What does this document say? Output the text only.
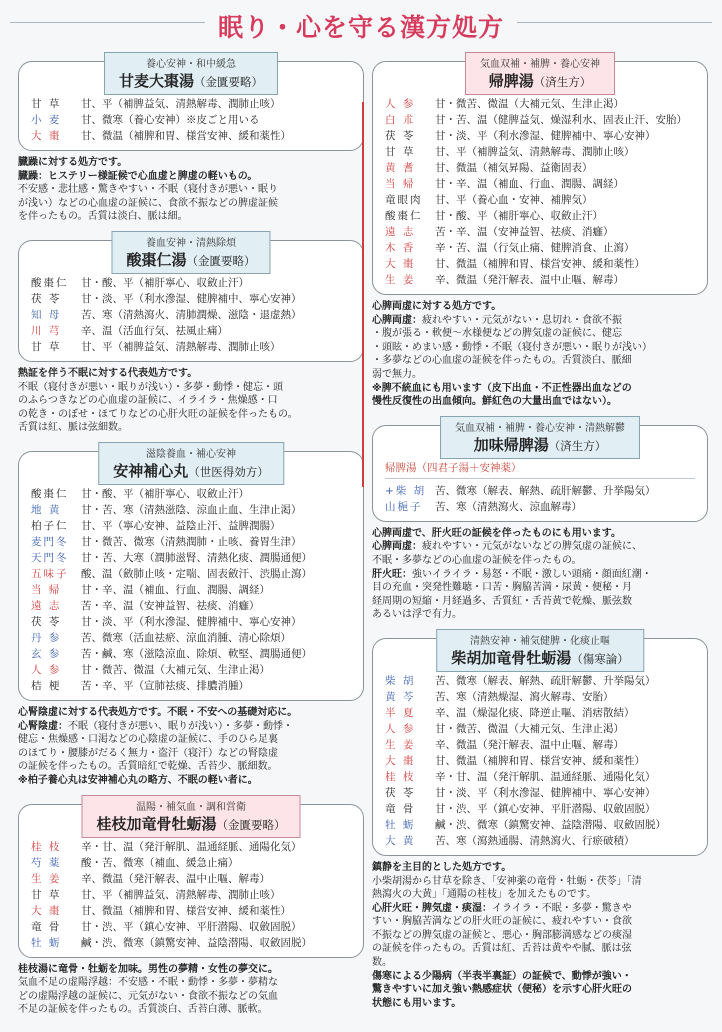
眠り・心を守る漢方処方
養心安神・和中緩急
甘麦大棗湯（金匱要略）
甘 草	甘、平（補脾益気、清熱解毒、潤肺止咳）
小 麦	甘、微寒（養心安神）※皮ごと用いる
大 棗	甘、微温（補脾和胃、様営安神、緩和薬性）
臓躁に対する処方です。
臓躁：ヒステリー様証候で心血虚と脾虚の軽いもの。
不安感・悲壮感・驚きやすい・不眠（寝付きが悪い・眠り
が浅い）などの心血虚の証候に、食欲不振などの脾虚証候
を伴ったもの。舌質は淡白、脈は細。
養血安神・清熱除煩
酸棗仁湯（金匱要略）
酸棗仁	甘・酸、平（補肝寧心、収斂止汗）
茯 苓	甘・淡、平（利水滲湿、健脾補中、寧心安神）
知 母	苦、寒（清熱瀉火、清肺潤燥、滋陰・退虚熱）
川 芎	辛、温（活血行気、祛風止痛）
甘 草	甘、平（補脾益気、清熱解毒、潤肺止咳）
熱証を伴う不眠に対する代表処方です。
不眠（寝付きが悪い・眠りが浅い）・多夢・動悸・健忘・頭
のふらつきなどの心血虚の証候に、イライラ・焦燥感・口
の乾き・のぼせ・ほてりなどの心肝火旺の証候を伴ったもの。
舌質は紅、脈は弦細数。
滋陰養血・補心安神
安神補心丸（世医得効方）
酸棗仁	甘・酸、平（補肝寧心、収斂止汗）
地 黄	甘・苦、寒（清熱滋陰、涼血止血、生津止渇）
柏子仁	甘、平（寧心安神、益陰止汗、益脾潤腸）
麦門冬	甘・微苦、微寒（清熱潤肺・止咳、養胃生津）
天門冬	甘・苦、大寒（潤肺滋腎、清熱化痰、潤腸通便）
五味子	酸、温（斂肺止咳・定喘、固表斂汗、渋腸止瀉）
当 帰	甘・辛、温（補血、行血、潤腸、調経）
遠 志	苦・辛、温（安神益智、祛痰、消癰）
茯 苓	甘・淡、平（利水滲湿、健脾補中、寧心安神）
丹 参	苦、微寒（活血祛瘀、涼血消腫、清心除煩）
玄 参	苦・鹹、寒（滋陰涼血、除煩、軟堅、潤腸通便）
人 参	甘・微苦、微温（大補元気、生津止渇）
桔 梗	苦・辛、平（宣肺祛痰、排膿消腫）
心腎陰虚に対する代表処方です。不眠・不安への基礎対応に。
心腎陰虚：不眠（寝付きが悪い、眠りが浅い）・多夢・動悸・
健忘・焦燥感・口渇などの心陰虚の証候に、手のひら足裏
のほてり・腰膝がだるく無力・盗汗（寝汗）などの腎陰虚
の証候を伴ったもの。舌質暗紅で乾燥、舌苔少、脈細数。
※柏子養心丸は安神補心丸の略方、不眠の軽い者に。
温陽・補気血・調和営衛
桂枝加竜骨牡蛎湯（金匱要略）
桂 枝	辛・甘、温（発汗解肌、温通経脈、通陽化気）
芍 薬	酸・苦、微寒（補血、緩急止痛）
生 姜	辛、微温（発汗解表、温中止嘔、解毒）
甘 草	甘、平（補脾益気、清熱解毒、潤肺止咳）
大 棗	甘、微温（補脾和胃、様営安神、緩和薬性）
竜 骨	甘・渋、平（鎮心安神、平肝潜陽、収斂固脱）
牡 蛎	鹹・渋、微寒（鎮驚安神、益陰潜陽、収斂固脱）
桂枝湯に竜骨・牡蛎を加味。男性の夢精・女性の夢交に。
気血不足の虚陽浮越：不安感・不眠・動悸・多夢・夢精な
どの虚陽浮越の証候に、元気がない・食欲不振などの気血
不足の証候を伴ったもの。舌質淡白、舌苔白薄、脈軟。
気血双補・補脾・養心安神
帰脾湯（済生方）
人 参	甘・微苦、微温（大補元気、生津止渇）
白 朮	甘・苦、温（健脾益気、燥湿利水、固表止汗、安胎）
茯 苓	甘・淡、平（利水滲湿、健脾補中、寧心安神）
甘 草	甘、平（補脾益気、清熱解毒、潤肺止咳）
黄 耆	甘、微温（補気昇陽、益衛固表）
当 帰	甘・辛、温（補血、行血、潤腸、調経）
竜眼肉	甘、平（養心血・安神、補脾気）
酸棗仁	甘・酸、平（補肝寧心、収斂止汗）
遠 志	苦・辛、温（安神益智、祛痰、消癰）
木 香	辛・苦、温（行気止痛、健脾消食、止瀉）
大 棗	甘、微温（補脾和胃、様営安神、緩和薬性）
生 姜	辛、微温（発汗解表、温中止嘔、解毒）
心脾両虚に対する処方です。
心脾両虚：疲れやすい・元気がない・息切れ・食欲不振
・腹が張る・軟便〜水様便などの脾気虚の証候に、健忘
・頭眩・めまい感・動悸・不眠（寝付きが悪い・眠りが浅い）
・多夢などの心血虚の証候を伴ったもの。舌質淡白、脈細
弱で無力。
※脾不統血にも用います（皮下出血・不正性器出血などの
慢性反復性の出血傾向。鮮紅色の大量出血ではない）。
気血双補・補脾・養心安神・清熱解鬱
加味帰脾湯（済生方）
帰脾湯（四君子湯＋安神薬）
+柴 胡 苦、微寒（解表、解熱、疏肝解鬱、升挙陽気）
山梔子	苦、寒（清熱瀉火、涼血解毒）
心脾両虚で、肝火旺の証候を伴ったものにも用います。
心脾両虚：疲れやすい・元気がないなどの脾気虚の証候に、
不眠・多夢などの心血虚の証候を伴ったもの。
肝火旺：強いイライラ・易怒・不眠・激しい頭痛・顔面紅潮・
目の充血・突発性難聴・口苦・胸脇苦満・尿黄・便秘・月
経周期の短縮・月経過多、舌質紅・舌苔黄で乾燥、脈弦数
あるいは浮で有力。
清熱安神・補気健脾・化痰止嘔
柴胡加竜骨牡蛎湯（傷寒論）
柴 胡	苦、微寒（解表、解熱、疏肝解鬱、升挙陽気）
黄 芩	苦、寒（清熱燥湿、瀉火解毒、安胎）
半 夏	辛、温（燥湿化痰、降逆止嘔、消痞散結）
人 参	甘・微苦、微温（大補元気、生津止渇）
生 姜	辛、微温（発汗解表、温中止嘔、解毒）
大 棗	甘、微温（補脾和胃、様営安神、緩和薬性）
桂 枝	辛・甘、温（発汗解肌、温通経脈、通陽化気）
茯 苓	甘・淡、平（利水滲湿、健脾補中、寧心安神）
竜 骨	甘・渋、平（鎮心安神、平肝潜陽、収斂固脱）
牡 蛎	鹹・渋、微寒（鎮驚安神、益陰潜陽、収斂固脱）
大 黄	苦、寒（瀉熱通腸、清熱瀉火、行瘀破積）
鎮静を主目的とした処方です。
小柴胡湯から甘草を除き、「安神薬の竜骨・牡蛎・茯苓」「清
熱瀉火の大黄」「通陽の桂枝」を加えたものです。
心肝火旺・脾気虚・痰湿：イライラ・不眠・多夢・驚きや
すい・胸脇苦満などの肝火旺の証候に、疲れやすい・食欲
不振などの脾気虚の証候と、悪心・胸部膨満感などの痰湿
の証候を伴ったもの。舌質は紅、舌苔は黄やや膩、脈は弦
数。
傷寒による少陽病（半表半裏証）の証候で、動悸が強い・
驚きやすいに加え強い熱感症状（便秘）を示す心肝火旺の
状態にも用います。
